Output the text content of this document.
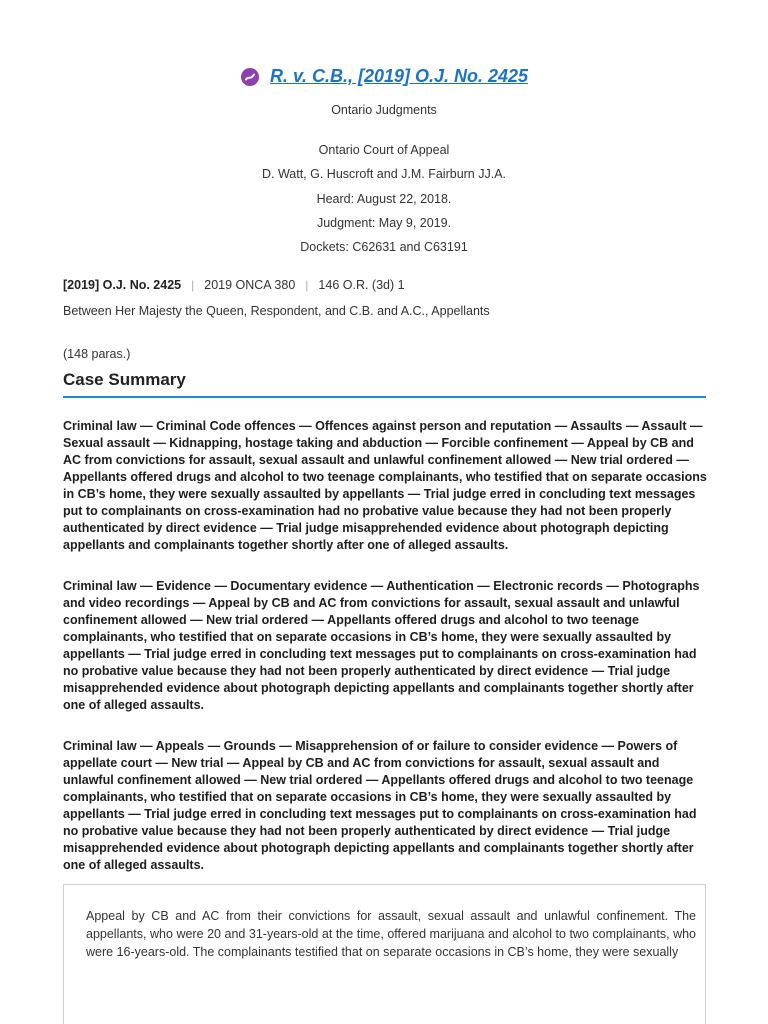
R. v. C.B., [2019] O.J. No. 2425
Ontario Judgments
Ontario Court of Appeal
D. Watt, G. Huscroft and J.M. Fairburn JJ.A.
Heard: August 22, 2018.
Judgment: May 9, 2019.
Dockets: C62631 and C63191
[2019] O.J. No. 2425 | 2019 ONCA 380 | 146 O.R. (3d) 1
Between Her Majesty the Queen, Respondent, and C.B. and A.C., Appellants
(148 paras.)
Case Summary

Criminal law — Criminal Code offences — Offences against person and reputation — Assaults — Assault — Sexual assault — Kidnapping, hostage taking and abduction — Forcible confinement — Appeal by CB and AC from convictions for assault, sexual assault and unlawful confinement allowed — New trial ordered — Appellants offered drugs and alcohol to two teenage complainants, who testified that on separate occasions in CB’s home, they were sexually assaulted by appellants — Trial judge erred in concluding text messages put to complainants on cross-examination had no probative value because they had not been properly authenticated by direct evidence — Trial judge misapprehended evidence about photograph depicting appellants and complainants together shortly after one of alleged assaults.

Criminal law — Evidence — Documentary evidence — Authentication — Electronic records — Photographs and video recordings — Appeal by CB and AC from convictions for assault, sexual assault and unlawful confinement allowed — New trial ordered — Appellants offered drugs and alcohol to two teenage complainants, who testified that on separate occasions in CB’s home, they were sexually assaulted by appellants — Trial judge erred in concluding text messages put to complainants on cross-examination had no probative value because they had not been properly authenticated by direct evidence — Trial judge misapprehended evidence about photograph depicting appellants and complainants together shortly after one of alleged assaults.

Criminal law — Appeals — Grounds — Misapprehension of or failure to consider evidence — Powers of appellate court — New trial — Appeal by CB and AC from convictions for assault, sexual assault and unlawful confinement allowed — New trial ordered — Appellants offered drugs and alcohol to two teenage complainants, who testified that on separate occasions in CB’s home, they were sexually assaulted by appellants — Trial judge erred in concluding text messages put to complainants on cross-examination had no probative value because they had not been properly authenticated by direct evidence — Trial judge misapprehended evidence about photograph depicting appellants and complainants together shortly after one of alleged assaults.

Appeal by CB and AC from their convictions for assault, sexual assault and unlawful confinement. The appellants, who were 20 and 31-years-old at the time, offered marijuana and alcohol to two complainants, who were 16-years-old. The complainants testified that on separate occasions in CB’s home, they were sexually
